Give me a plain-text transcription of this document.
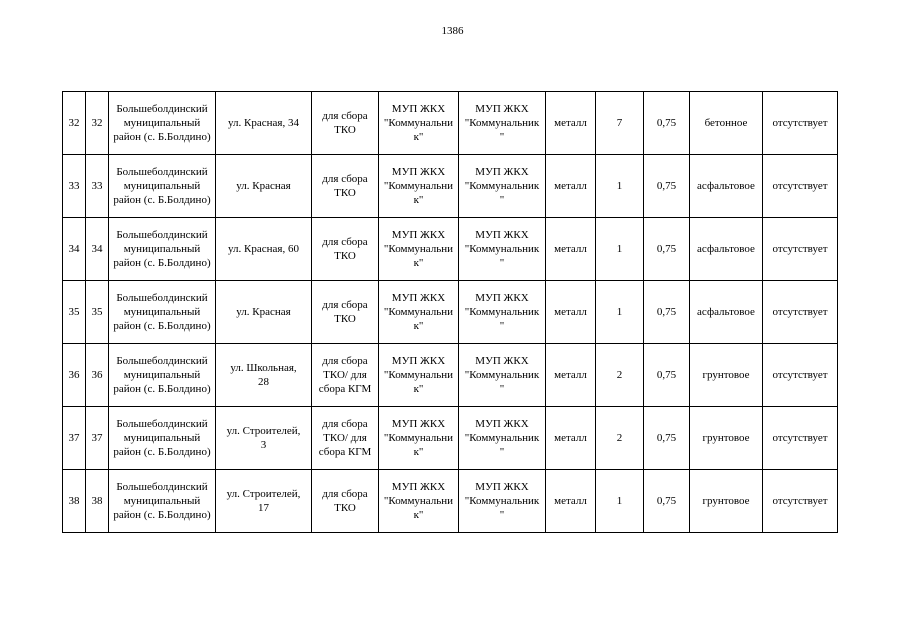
1386
32	32	Большеболдинский
муниципальный
район (с. Б.Болдино)	ул. Красная, 34	для сбора
ТКО	МУП ЖКХ
"Коммунальни
к"	МУП ЖКХ
"Коммунальник
"	металл	7	0,75	бетонное	отсутствует
33	33	Большеболдинский
муниципальный
район (с. Б.Болдино)	ул. Красная	для сбора
ТКО	МУП ЖКХ
"Коммунальни
к"	МУП ЖКХ
"Коммунальник
"	металл	1	0,75	асфальтовое	отсутствует
34	34	Большеболдинский
муниципальный
район (с. Б.Болдино)	ул. Красная, 60	для сбора
ТКО	МУП ЖКХ
"Коммунальни
к"	МУП ЖКХ
"Коммунальник
"	металл	1	0,75	асфальтовое	отсутствует
35	35	Большеболдинский
муниципальный
район (с. Б.Болдино)	ул. Красная	для сбора
ТКО	МУП ЖКХ
"Коммунальни
к"	МУП ЖКХ
"Коммунальник
"	металл	1	0,75	асфальтовое	отсутствует
36	36	Большеболдинский
муниципальный
район (с. Б.Болдино)	ул. Школьная,
28	для сбора
ТКО/ для
сбора КГМ	МУП ЖКХ
"Коммунальни
к"	МУП ЖКХ
"Коммунальник
"	металл	2	0,75	грунтовое	отсутствует
37	37	Большеболдинский
муниципальный
район (с. Б.Болдино)	ул. Строителей,
3	для сбора
ТКО/ для
сбора КГМ	МУП ЖКХ
"Коммунальни
к"	МУП ЖКХ
"Коммунальник
"	металл	2	0,75	грунтовое	отсутствует
38	38	Большеболдинский
муниципальный
район (с. Б.Болдино)	ул. Строителей,
17	для сбора
ТКО	МУП ЖКХ
"Коммунальни
к"	МУП ЖКХ
"Коммунальник
"	металл	1	0,75	грунтовое	отсутствует
